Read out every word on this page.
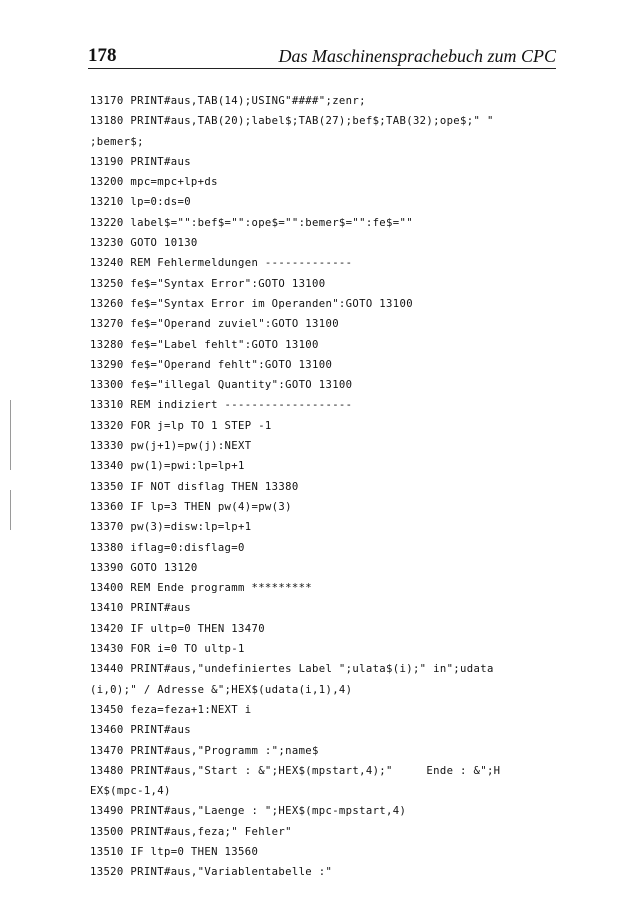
178	Das Maschinensprachebuch zum CPC
13170 PRINT#aus,TAB(14);USING"####";zenr;
13180 PRINT#aus,TAB(20);label$;TAB(27);bef$;TAB(32);ope$;" "
;bemer$;
13190 PRINT#aus
13200 mpc=mpc+lp+ds
13210 lp=0:ds=0
13220 label$="":bef$="":ope$="":bemer$="":fe$=""
13230 GOTO 10130
13240 REM Fehlermeldungen -------------
13250 fe$="Syntax Error":GOTO 13100
13260 fe$="Syntax Error im Operanden":GOTO 13100
13270 fe$="Operand zuviel":GOTO 13100
13280 fe$="Label fehlt":GOTO 13100
13290 fe$="Operand fehlt":GOTO 13100
13300 fe$="illegal Quantity":GOTO 13100
13310 REM indiziert -------------------
13320 FOR j=lp TO 1 STEP -1
13330 pw(j+1)=pw(j):NEXT
13340 pw(1)=pwi:lp=lp+1
13350 IF NOT disflag THEN 13380
13360 IF lp=3 THEN pw(4)=pw(3)
13370 pw(3)=disw:lp=lp+1
13380 iflag=0:disflag=0
13390 GOTO 13120
13400 REM Ende programm *********
13410 PRINT#aus
13420 IF ultp=0 THEN 13470
13430 FOR i=0 TO ultp-1
13440 PRINT#aus,"undefiniertes Label ";ulata$(i);" in";udata
(i,0);" / Adresse &";HEX$(udata(i,1),4)
13450 feza=feza+1:NEXT i
13460 PRINT#aus
13470 PRINT#aus,"Programm :";name$
13480 PRINT#aus,"Start : &";HEX$(mpstart,4);"     Ende : &";H
EX$(mpc-1,4)
13490 PRINT#aus,"Laenge : ";HEX$(mpc-mpstart,4)
13500 PRINT#aus,feza;" Fehler"
13510 IF ltp=0 THEN 13560
13520 PRINT#aus,"Variablentabelle :"
